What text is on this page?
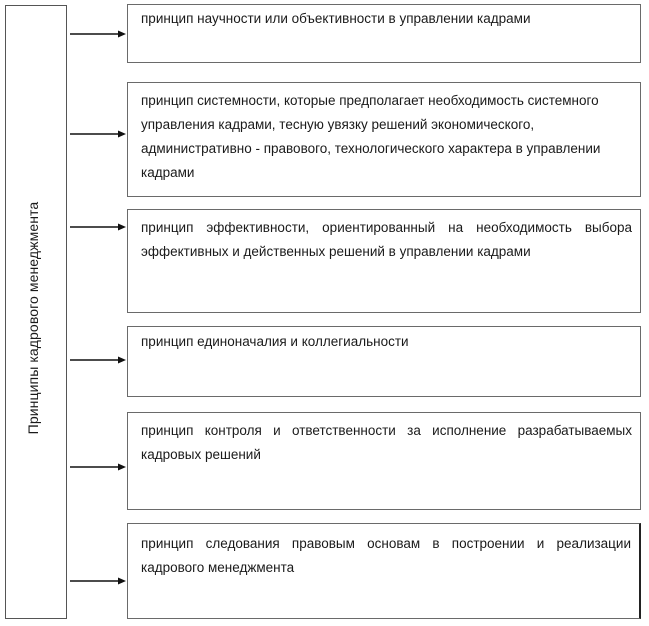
Принципы кадрового менеджмента
принцип научности или объективности в управлении кадрами
принцип системности, которые предполагает необходимость системного управления кадрами, тесную увязку решений экономического, административно - правового, технологического характера в управлении кадрами
принцип эффективности, ориентированный на необходимость выбора эффективных и действенных решений в управлении кадрами
принцип единоначалия и коллегиальности
принцип контроля и ответственности за исполнение разрабатываемых кадровых решений
принцип следования правовым основам в построении и реализации кадрового менеджмента
